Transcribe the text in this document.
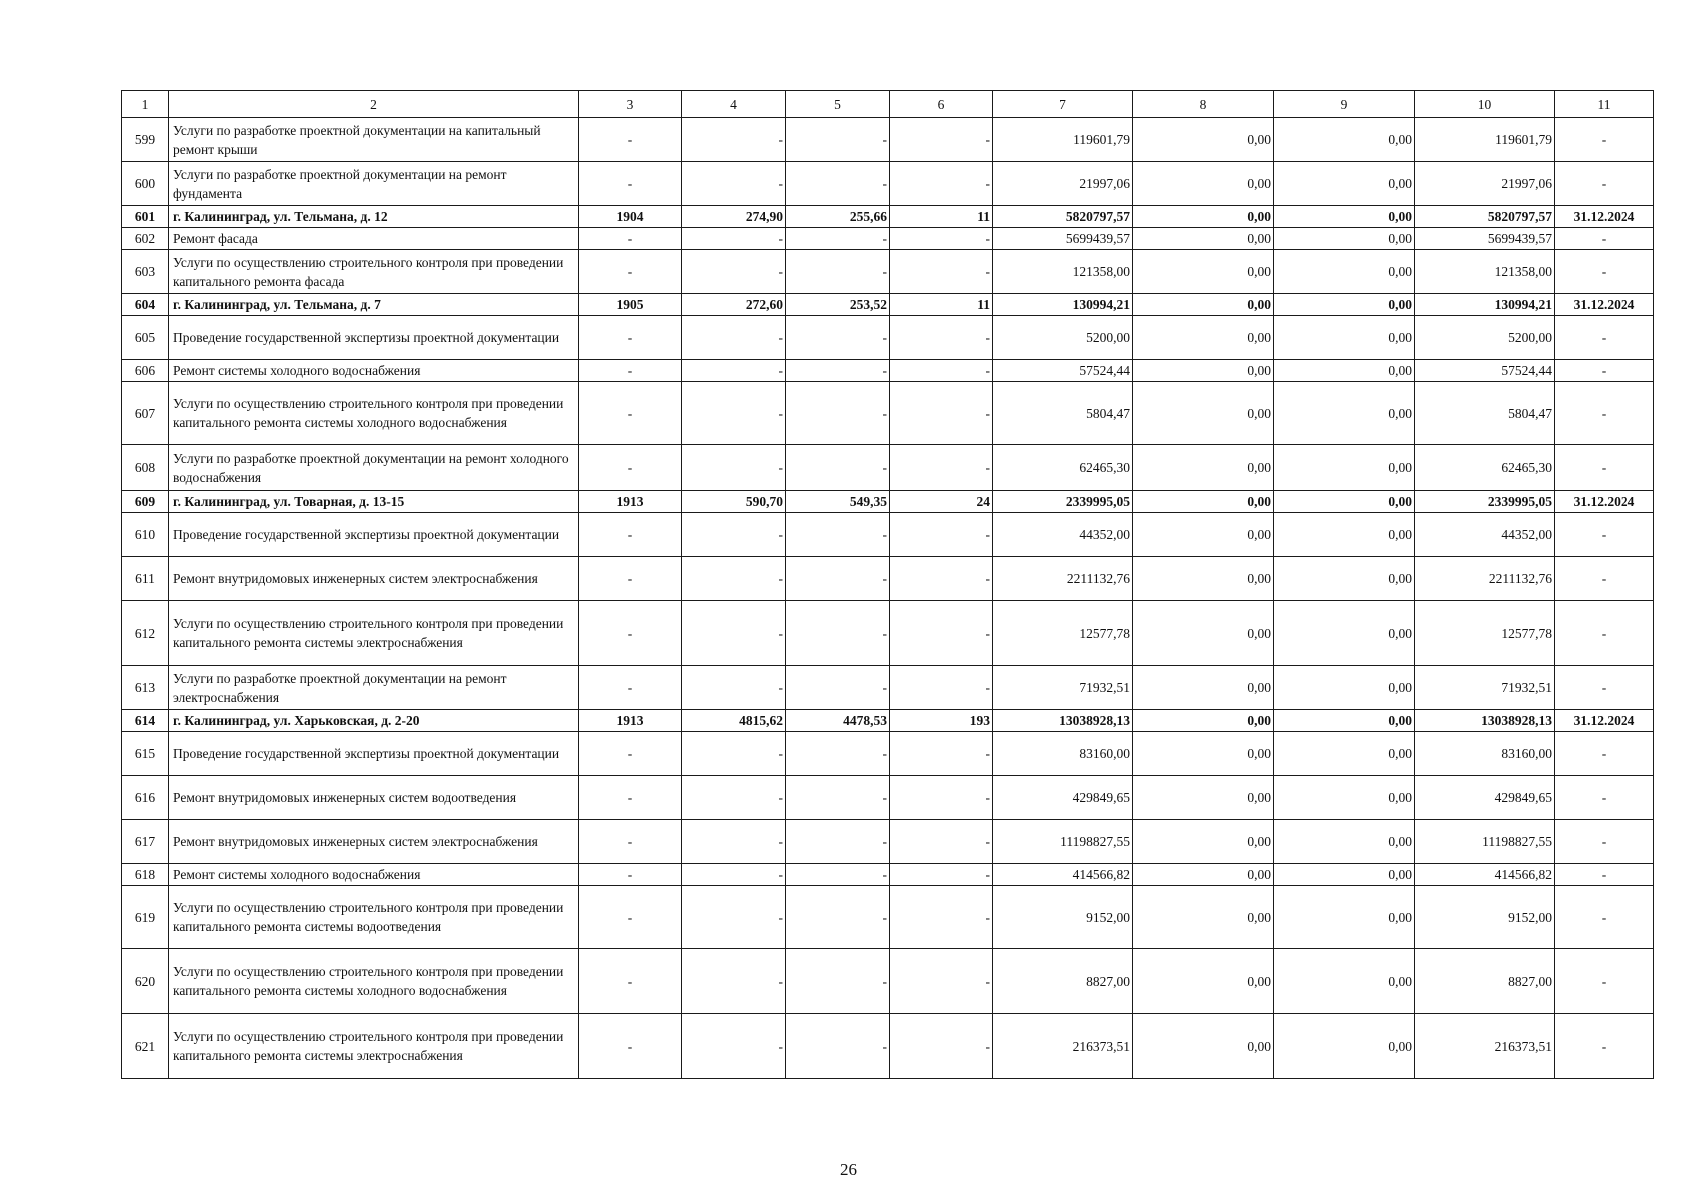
1	2	3	4	5	6	7	8	9	10	11
599	Услуги по разработке проектной документации на капитальный ремонт крыши	-	-	-	-	119601,79	0,00	0,00	119601,79	-
600	Услуги по разработке проектной документации на ремонт фундамента	-	-	-	-	21997,06	0,00	0,00	21997,06	-
601	г. Калининград, ул. Тельмана, д. 12	1904	274,90	255,66	11	5820797,57	0,00	0,00	5820797,57	31.12.2024
602	Ремонт фасада	-	-	-	-	5699439,57	0,00	0,00	5699439,57	-
603	Услуги по осуществлению строительного контроля при проведении капитального ремонта фасада	-	-	-	-	121358,00	0,00	0,00	121358,00	-
604	г. Калининград, ул. Тельмана, д. 7	1905	272,60	253,52	11	130994,21	0,00	0,00	130994,21	31.12.2024
605	Проведение государственной экспертизы проектной документации	-	-	-	-	5200,00	0,00	0,00	5200,00	-
606	Ремонт системы холодного водоснабжения	-	-	-	-	57524,44	0,00	0,00	57524,44	-
607	Услуги по осуществлению строительного контроля при проведении капитального ремонта системы холодного водоснабжения	-	-	-	-	5804,47	0,00	0,00	5804,47	-
608	Услуги по разработке проектной документации на ремонт холодного водоснабжения	-	-	-	-	62465,30	0,00	0,00	62465,30	-
609	г. Калининград, ул. Товарная, д. 13-15	1913	590,70	549,35	24	2339995,05	0,00	0,00	2339995,05	31.12.2024
610	Проведение государственной экспертизы проектной документации	-	-	-	-	44352,00	0,00	0,00	44352,00	-
611	Ремонт внутридомовых инженерных систем электроснабжения	-	-	-	-	2211132,76	0,00	0,00	2211132,76	-
612	Услуги по осуществлению строительного контроля при проведении капитального ремонта системы электроснабжения	-	-	-	-	12577,78	0,00	0,00	12577,78	-
613	Услуги по разработке проектной документации на ремонт электроснабжения	-	-	-	-	71932,51	0,00	0,00	71932,51	-
614	г. Калининград, ул. Харьковская, д. 2-20	1913	4815,62	4478,53	193	13038928,13	0,00	0,00	13038928,13	31.12.2024
615	Проведение государственной экспертизы проектной документации	-	-	-	-	83160,00	0,00	0,00	83160,00	-
616	Ремонт внутридомовых инженерных систем водоотведения	-	-	-	-	429849,65	0,00	0,00	429849,65	-
617	Ремонт внутридомовых инженерных систем электроснабжения	-	-	-	-	11198827,55	0,00	0,00	11198827,55	-
618	Ремонт системы холодного водоснабжения	-	-	-	-	414566,82	0,00	0,00	414566,82	-
619	Услуги по осуществлению строительного контроля при проведении капитального ремонта системы водоотведения	-	-	-	-	9152,00	0,00	0,00	9152,00	-
620	Услуги по осуществлению строительного контроля при проведении капитального ремонта системы холодного водоснабжения	-	-	-	-	8827,00	0,00	0,00	8827,00	-
621	Услуги по осуществлению строительного контроля при проведении капитального ремонта системы электроснабжения	-	-	-	-	216373,51	0,00	0,00	216373,51	-
26
